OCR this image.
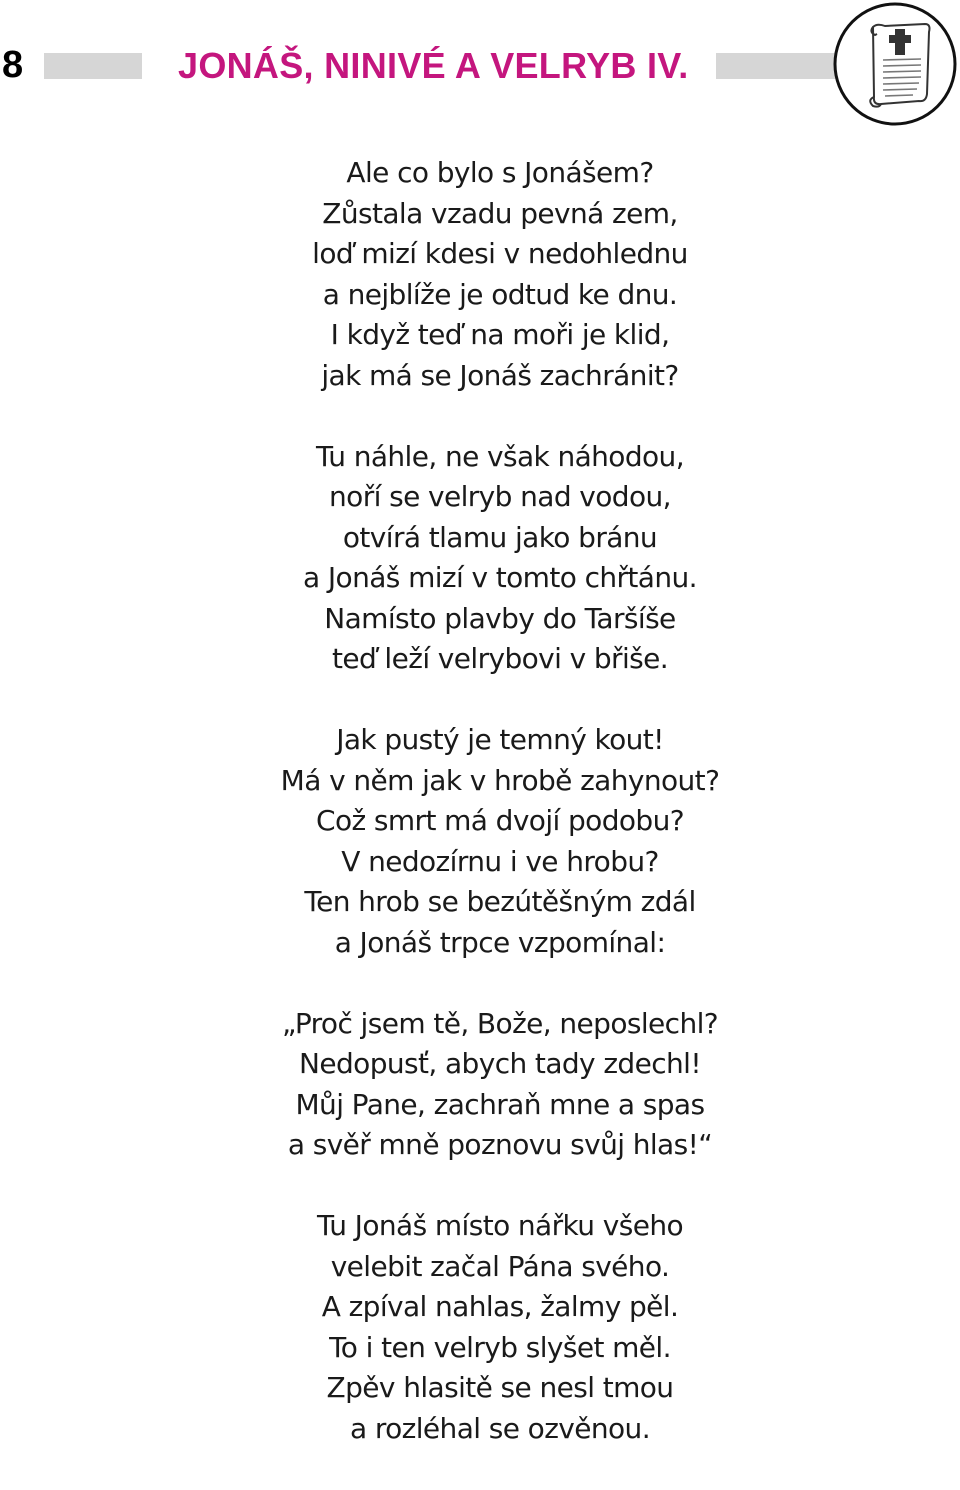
8	JONÁŠ, NINIVÉ A VELRYB IV.
Ale co bylo s Jonášem?
Zůstala vzadu pevná zem,
loď mizí kdesi v nedohlednu
a nejblíže je odtud ke dnu.
I když teď na moři je klid,
jak má se Jonáš zachránit?
Tu náhle, ne však náhodou,
noří se velryb nad vodou,
otvírá tlamu jako bránu
a Jonáš mizí v tomto chřtánu.
Namísto plavby do Taršíše
teď leží velrybovi v břiše.
Jak pustý je temný kout!
Má v něm jak v hrobě zahynout?
Což smrt má dvojí podobu?
V nedozírnu i ve hrobu?
Ten hrob se bezútěšným zdál
a Jonáš trpce vzpomínal:
„Proč jsem tě, Bože, neposlechl?
Nedopusť, abych tady zdechl!
Můj Pane, zachraň mne a spas
a svěř mně poznovu svůj hlas!“
Tu Jonáš místo nářku všeho
velebit začal Pána svého.
A zpíval nahlas, žalmy pěl.
To i ten velryb slyšet měl.
Zpěv hlasitě se nesl tmou
a rozléhal se ozvěnou.
